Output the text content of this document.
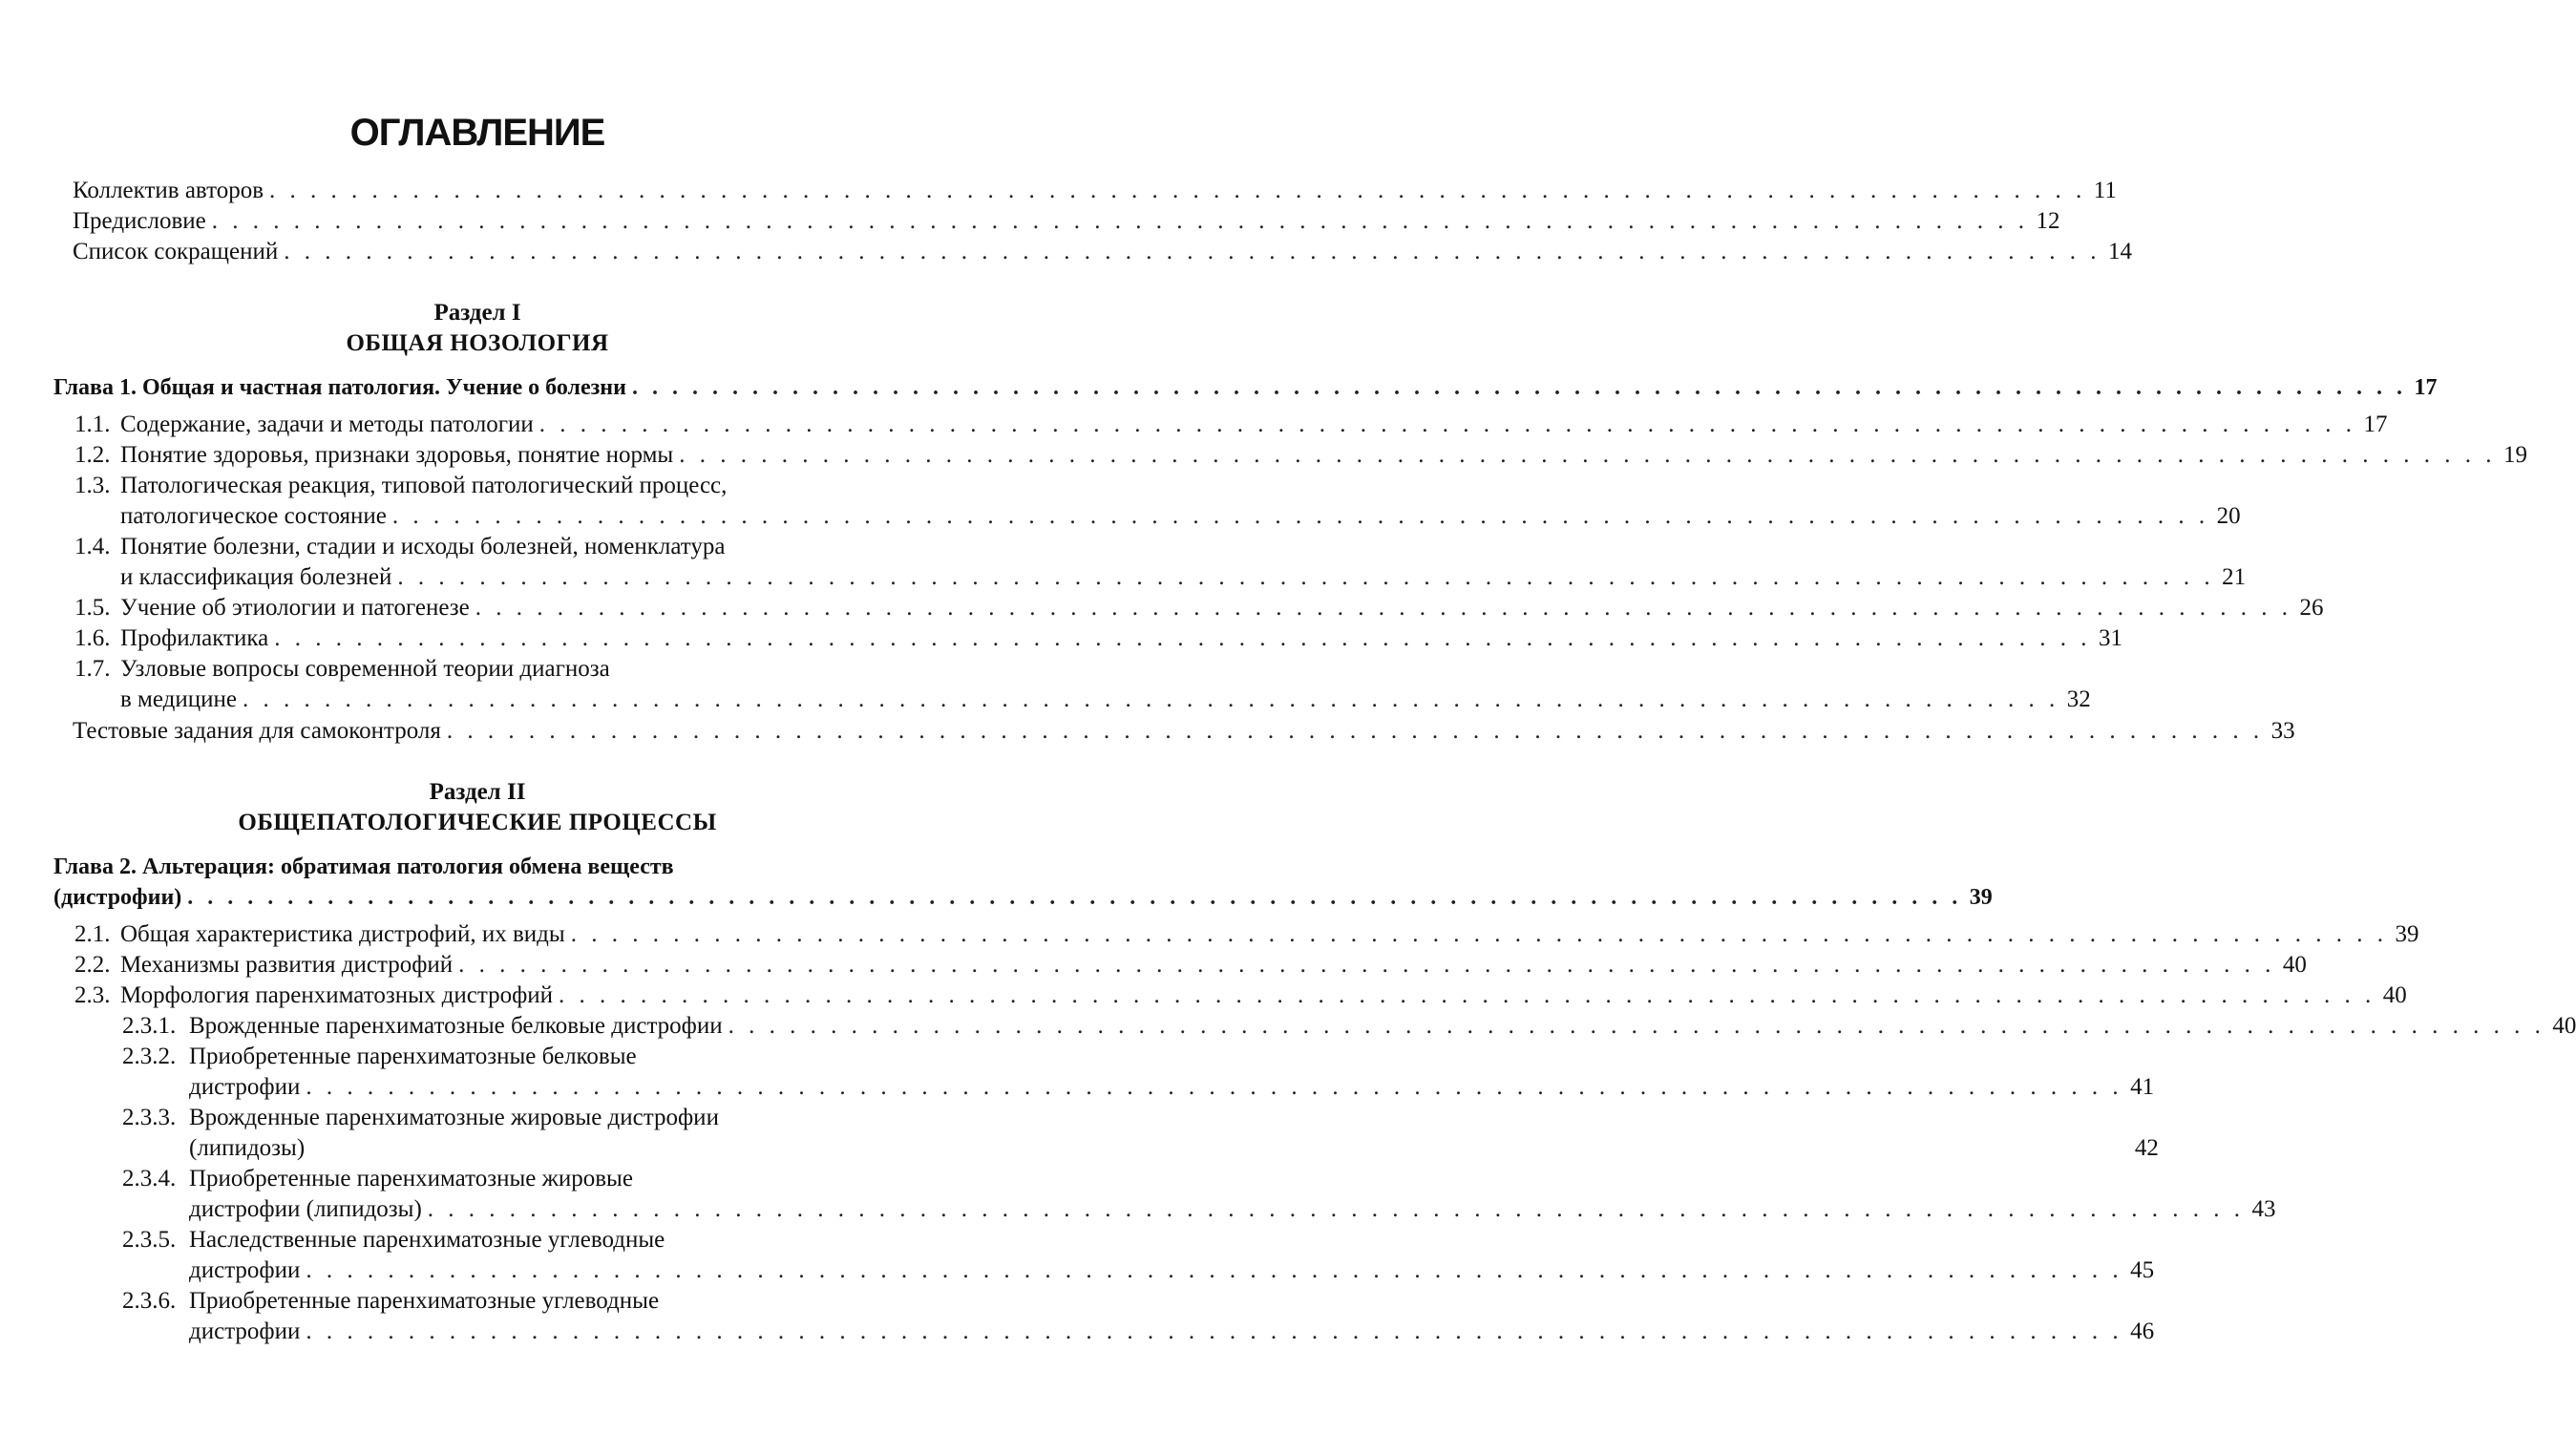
ОГЛАВЛЕНИЕ
Коллектив авторов . . . . . . . . . . . . . . . . . . . . . . . . . . . . . . . . . . . . . . . . . . . . . . . . . . . . . . . . . . . . . . . . . . . . . . . . . . . . . . . . . . . . . . . . . 11
Предисловие . . . . . . . . . . . . . . . . . . . . . . . . . . . . . . . . . . . . . . . . . . . . . . . . . . . . . . . . . . . . . . . . . . . . . . . . . . . . . . . . . . . . . . . . . 12
Список сокращений . . . . . . . . . . . . . . . . . . . . . . . . . . . . . . . . . . . . . . . . . . . . . . . . . . . . . . . . . . . . . . . . . . . . . . . . . . . . . . . . . . . . . . . . . 14
Раздел I
ОБЩАЯ НОЗОЛОГИЯ
Глава 1. Общая и частная патология. Учение о болезни . . . . . . . . . . . . . . . . . . . . . . . . . . . . . . . . . . . . . . . . . . . . . . . . . . . . . . . . . . . . . . . . . . . . . . . . . . . . . . . . . . . . . . . . . 17
1.1. Содержание, задачи и методы патологии . . . . . . . . . . . . . . . . . . . . . . . . . . . . . . . . . . . . . . . . . . . . . . . . . . . . . . . . . . . . . . . . . . . . . . . . . . . . . . . . . . . . . . . . . 17
1.2. Понятие здоровья, признаки здоровья, понятие нормы . . . . . . . . . . . . . . . . . . . . . . . . . . . . . . . . . . . . . . . . . . . . . . . . . . . . . . . . . . . . . . . . . . . . . . . . . . . . . . . . . . . . . . . . . 19
1.3. Патологическая реакция, типовой патологический процесс,
патологическое состояние . . . . . . . . . . . . . . . . . . . . . . . . . . . . . . . . . . . . . . . . . . . . . . . . . . . . . . . . . . . . . . . . . . . . . . . . . . . . . . . . . . . . . . . . . 20
1.4. Понятие болезни, стадии и исходы болезней, номенклатура
и классификация болезней . . . . . . . . . . . . . . . . . . . . . . . . . . . . . . . . . . . . . . . . . . . . . . . . . . . . . . . . . . . . . . . . . . . . . . . . . . . . . . . . . . . . . . . . . 21
1.5. Учение об этиологии и патогенезе . . . . . . . . . . . . . . . . . . . . . . . . . . . . . . . . . . . . . . . . . . . . . . . . . . . . . . . . . . . . . . . . . . . . . . . . . . . . . . . . . . . . . . . . . 26
1.6. Профилактика . . . . . . . . . . . . . . . . . . . . . . . . . . . . . . . . . . . . . . . . . . . . . . . . . . . . . . . . . . . . . . . . . . . . . . . . . . . . . . . . . . . . . . . . . 31
1.7. Узловые вопросы современной теории диагноза
в медицине . . . . . . . . . . . . . . . . . . . . . . . . . . . . . . . . . . . . . . . . . . . . . . . . . . . . . . . . . . . . . . . . . . . . . . . . . . . . . . . . . . . . . . . . . 32
Тестовые задания для самоконтроля . . . . . . . . . . . . . . . . . . . . . . . . . . . . . . . . . . . . . . . . . . . . . . . . . . . . . . . . . . . . . . . . . . . . . . . . . . . . . . . . . . . . . . . . . 33
Раздел II
ОБЩЕПАТОЛОГИЧЕСКИЕ ПРОЦЕССЫ
Глава 2. Альтерация: обратимая патология обмена веществ
(дистрофии) . . . . . . . . . . . . . . . . . . . . . . . . . . . . . . . . . . . . . . . . . . . . . . . . . . . . . . . . . . . . . . . . . . . . . . . . . . . . . . . . . . . . . . . . . 39
2.1. Общая характеристика дистрофий, их виды . . . . . . . . . . . . . . . . . . . . . . . . . . . . . . . . . . . . . . . . . . . . . . . . . . . . . . . . . . . . . . . . . . . . . . . . . . . . . . . . . . . . . . . . . 39
2.2. Механизмы развития дистрофий . . . . . . . . . . . . . . . . . . . . . . . . . . . . . . . . . . . . . . . . . . . . . . . . . . . . . . . . . . . . . . . . . . . . . . . . . . . . . . . . . . . . . . . . . 40
2.3. Морфология паренхиматозных дистрофий . . . . . . . . . . . . . . . . . . . . . . . . . . . . . . . . . . . . . . . . . . . . . . . . . . . . . . . . . . . . . . . . . . . . . . . . . . . . . . . . . . . . . . . . . 40
2.3.1. Врожденные паренхиматозные белковые дистрофии . . . . . . . . . . . . . . . . . . . . . . . . . . . . . . . . . . . . . . . . . . . . . . . . . . . . . . . . . . . . . . . . . . . . . . . . . . . . . . . . . . . . . . . . . 40
2.3.2. Приобретенные паренхиматозные белковые
дистрофии . . . . . . . . . . . . . . . . . . . . . . . . . . . . . . . . . . . . . . . . . . . . . . . . . . . . . . . . . . . . . . . . . . . . . . . . . . . . . . . . . . . . . . . . . 41
2.3.3. Врожденные паренхиматозные жировые дистрофии
(липидозы)	42
2.3.4. Приобретенные паренхиматозные жировые
дистрофии (липидозы) . . . . . . . . . . . . . . . . . . . . . . . . . . . . . . . . . . . . . . . . . . . . . . . . . . . . . . . . . . . . . . . . . . . . . . . . . . . . . . . . . . . . . . . . . 43
2.3.5. Наследственные паренхиматозные углеводные
дистрофии . . . . . . . . . . . . . . . . . . . . . . . . . . . . . . . . . . . . . . . . . . . . . . . . . . . . . . . . . . . . . . . . . . . . . . . . . . . . . . . . . . . . . . . . . 45
2.3.6. Приобретенные паренхиматозные углеводные
дистрофии . . . . . . . . . . . . . . . . . . . . . . . . . . . . . . . . . . . . . . . . . . . . . . . . . . . . . . . . . . . . . . . . . . . . . . . . . . . . . . . . . . . . . . . . . 46
